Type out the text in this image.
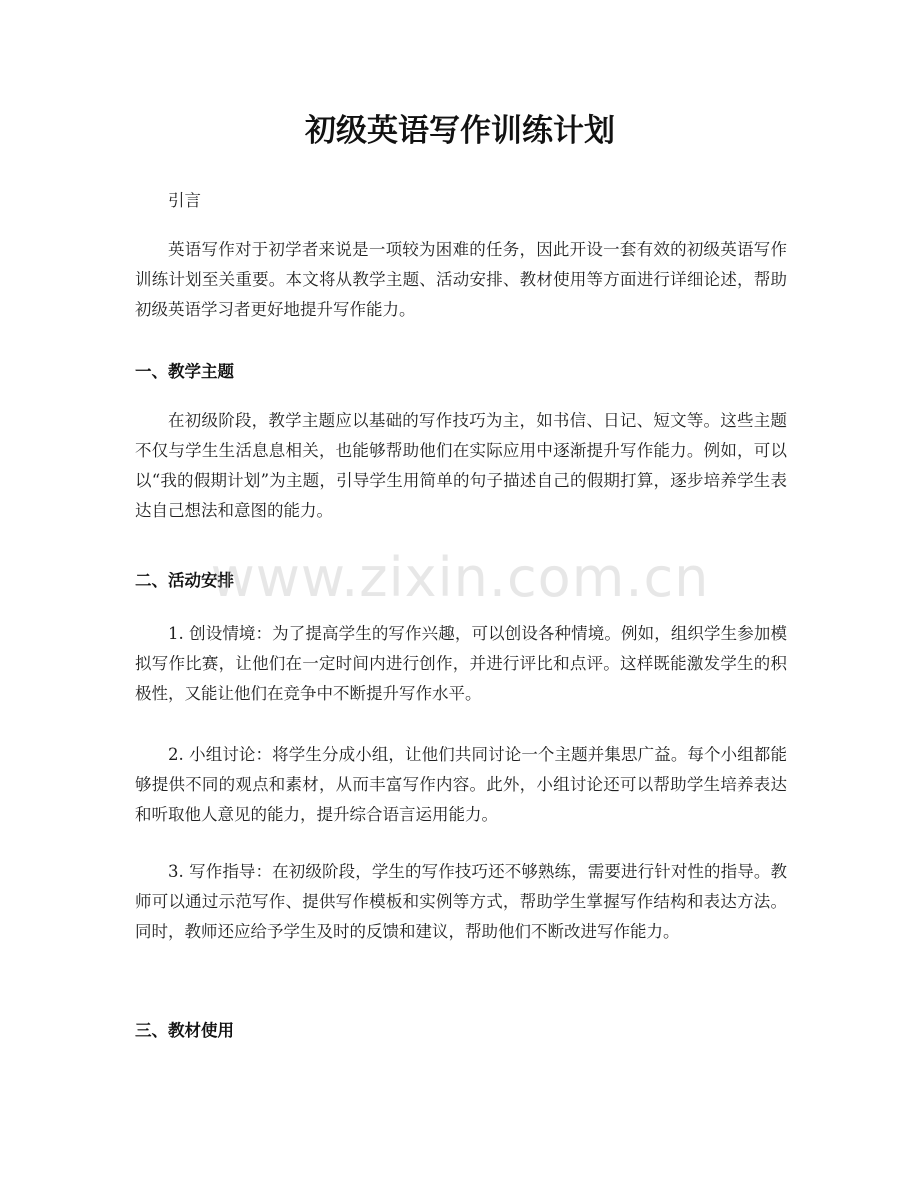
初级英语写作训练计划

引言

英语写作对于初学者来说是一项较为困难的任务，因此开设一套有效的初级英语写作训练计划至关重要。本文将从教学主题、活动安排、教材使用等方面进行详细论述，帮助初级英语学习者更好地提升写作能力。

一、教学主题

在初级阶段，教学主题应以基础的写作技巧为主，如书信、日记、短文等。这些主题不仅与学生生活息息相关，也能够帮助他们在实际应用中逐渐提升写作能力。例如，可以以“我的假期计划”为主题，引导学生用简单的句子描述自己的假期打算，逐步培养学生表达自己想法和意图的能力。

二、活动安排

1. 创设情境：为了提高学生的写作兴趣，可以创设各种情境。例如，组织学生参加模拟写作比赛，让他们在一定时间内进行创作，并进行评比和点评。这样既能激发学生的积极性，又能让他们在竞争中不断提升写作水平。

2. 小组讨论：将学生分成小组，让他们共同讨论一个主题并集思广益。每个小组都能够提供不同的观点和素材，从而丰富写作内容。此外，小组讨论还可以帮助学生培养表达和听取他人意见的能力，提升综合语言运用能力。

3. 写作指导：在初级阶段，学生的写作技巧还不够熟练，需要进行针对性的指导。教师可以通过示范写作、提供写作模板和实例等方式，帮助学生掌握写作结构和表达方法。同时，教师还应给予学生及时的反馈和建议，帮助他们不断改进写作能力。

三、教材使用
www.zixin.com.cn
